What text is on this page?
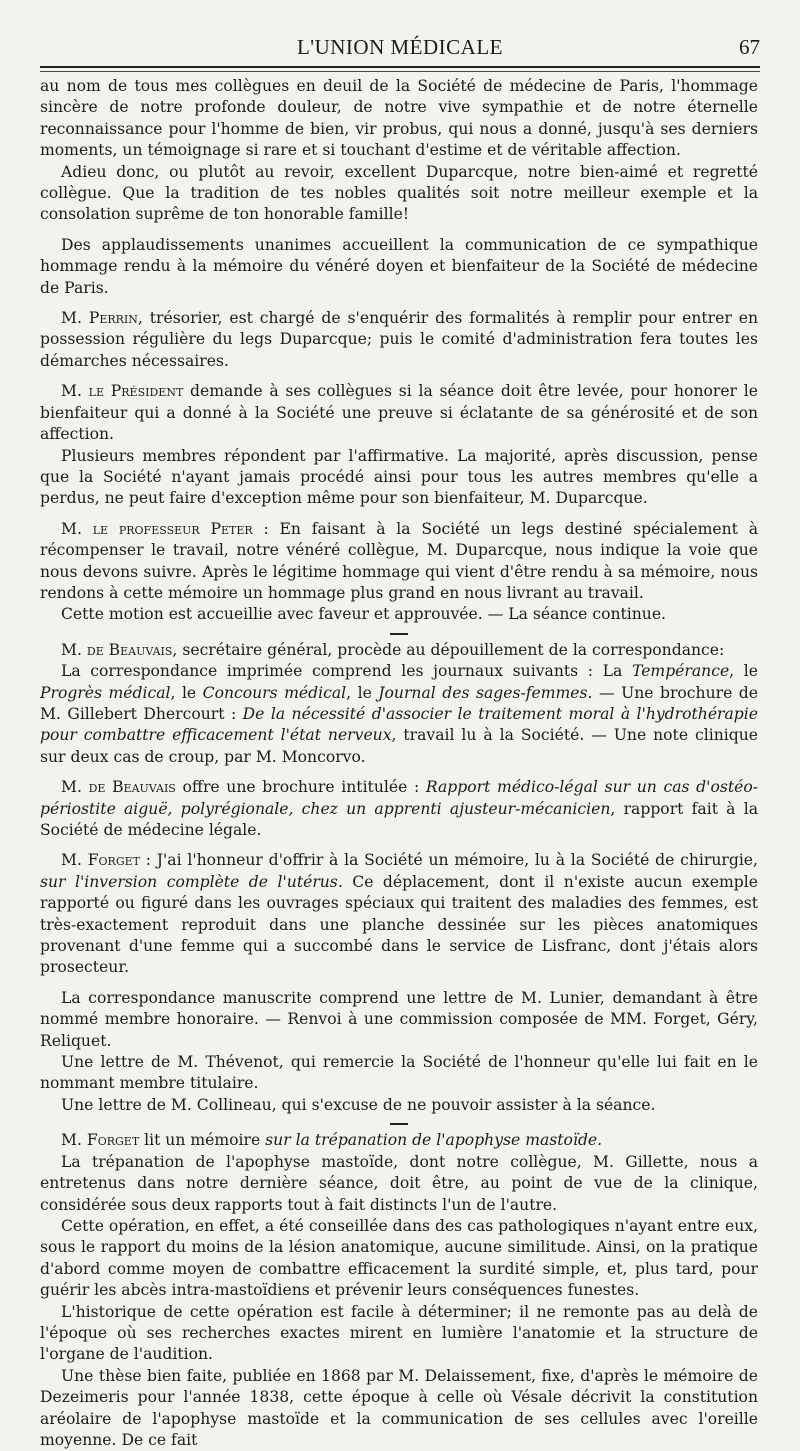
L'UNION MÉDICALE	67

au nom de tous mes collègues en deuil de la Société de médecine de Paris, l'hommage sincère de notre profonde douleur, de notre vive sympathie et de notre éternelle reconnaissance pour l'homme de bien, vir probus, qui nous a donné, jusqu'à ses derniers moments, un témoignage si rare et si touchant d'estime et de véritable affection.

Adieu donc, ou plutôt au revoir, excellent Duparcque, notre bien-aimé et regretté collègue. Que la tradition de tes nobles qualités soit notre meilleur exemple et la consolation suprême de ton honorable famille!

Des applaudissements unanimes accueillent la communication de ce sympathique hommage rendu à la mémoire du vénéré doyen et bienfaiteur de la Société de médecine de Paris.

M. Perrin, trésorier, est chargé de s'enquérir des formalités à remplir pour entrer en possession régulière du legs Duparcque; puis le comité d'administration fera toutes les démarches nécessaires.

M. le Président demande à ses collègues si la séance doit être levée, pour honorer le bienfaiteur qui a donné à la Société une preuve si éclatante de sa générosité et de son affection.

Plusieurs membres répondent par l'affirmative. La majorité, après discussion, pense que la Société n'ayant jamais procédé ainsi pour tous les autres membres qu'elle a perdus, ne peut faire d'exception même pour son bienfaiteur, M. Duparcque.

M. le professeur Peter : En faisant à la Société un legs destiné spécialement à récompenser le travail, notre vénéré collègue, M. Duparcque, nous indique la voie que nous devons suivre. Après le légitime hommage qui vient d'être rendu à sa mémoire, nous rendons à cette mémoire un hommage plus grand en nous livrant au travail.

Cette motion est accueillie avec faveur et approuvée. — La séance continue.

M. de Beauvais, secrétaire général, procède au dépouillement de la correspondance:

La correspondance imprimée comprend les journaux suivants : La Tempérance, le Progrès médical, le Concours médical, le Journal des sages-femmes. — Une brochure de M. Gillebert Dhercourt : De la nécessité d'associer le traitement moral à l'hydrothérapie pour combattre efficacement l'état nerveux, travail lu à la Société. — Une note clinique sur deux cas de croup, par M. Moncorvo.

M. de Beauvais offre une brochure intitulée : Rapport médico-légal sur un cas d'ostéo-périostite aiguë, polyrégionale, chez un apprenti ajusteur-mécanicien, rapport fait à la Société de médecine légale.

M. Forget : J'ai l'honneur d'offrir à la Société un mémoire, lu à la Société de chirurgie, sur l'inversion complète de l'utérus. Ce déplacement, dont il n'existe aucun exemple rapporté ou figuré dans les ouvrages spéciaux qui traitent des maladies des femmes, est très-exactement reproduit dans une planche dessinée sur les pièces anatomiques provenant d'une femme qui a succombé dans le service de Lisfranc, dont j'étais alors prosecteur.

La correspondance manuscrite comprend une lettre de M. Lunier, demandant à être nommé membre honoraire. — Renvoi à une commission composée de MM. Forget, Géry, Reliquet.

Une lettre de M. Thévenot, qui remercie la Société de l'honneur qu'elle lui fait en le nommant membre titulaire.

Une lettre de M. Collineau, qui s'excuse de ne pouvoir assister à la séance.

M. Forget lit un mémoire sur la trépanation de l'apophyse mastoïde.

La trépanation de l'apophyse mastoïde, dont notre collègue, M. Gillette, nous a entretenus dans notre dernière séance, doit être, au point de vue de la clinique, considérée sous deux rapports tout à fait distincts l'un de l'autre.

Cette opération, en effet, a été conseillée dans des cas pathologiques n'ayant entre eux, sous le rapport du moins de la lésion anatomique, aucune similitude. Ainsi, on la pratique d'abord comme moyen de combattre efficacement la surdité simple, et, plus tard, pour guérir les abcès intra-mastoïdiens et prévenir leurs conséquences funestes.

L'historique de cette opération est facile à déterminer; il ne remonte pas au delà de l'époque où ses recherches exactes mirent en lumière l'anatomie et la structure de l'organe de l'audition.

Une thèse bien faite, publiée en 1868 par M. Delaissement, fixe, d'après le mémoire de Dezeimeris pour l'année 1838, cette époque à celle où Vésale décrivit la constitution aréolaire de l'apophyse mastoïde et la communication de ses cellules avec l'oreille moyenne. De ce fait
